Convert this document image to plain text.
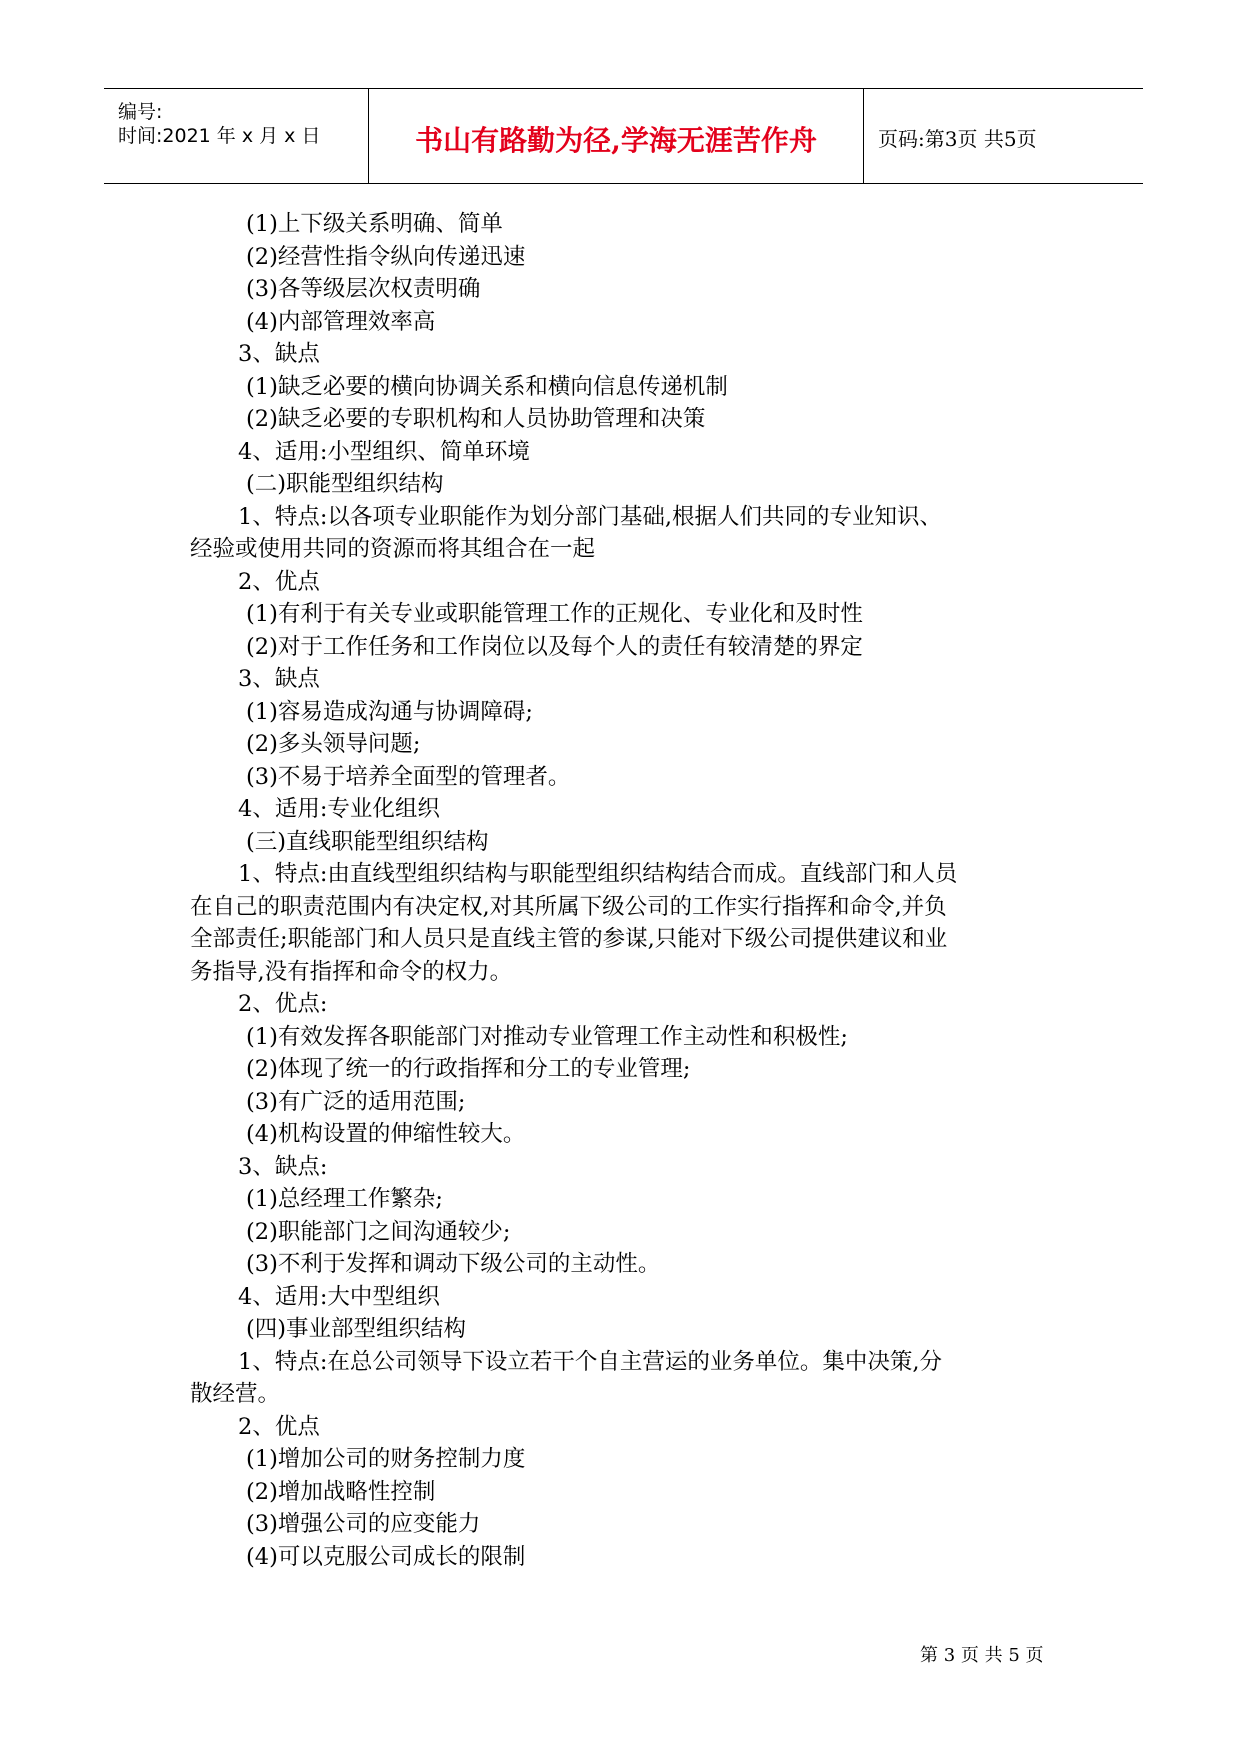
编号:
时间:2021 年 x 月 x 日	书山有路勤为径,学海无涯苦作舟	页码:第3页 共5页
(1)上下级关系明确、简单
(2)经营性指令纵向传递迅速
(3)各等级层次权责明确
(4)内部管理效率高
3、缺点
(1)缺乏必要的横向协调关系和横向信息传递机制
(2)缺乏必要的专职机构和人员协助管理和决策
4、适用:小型组织、简单环境
(二)职能型组织结构
1、特点:以各项专业职能作为划分部门基础,根据人们共同的专业知识、
经验或使用共同的资源而将其组合在一起
2、优点
(1)有利于有关专业或职能管理工作的正规化、专业化和及时性
(2)对于工作任务和工作岗位以及每个人的责任有较清楚的界定
3、缺点
(1)容易造成沟通与协调障碍;
(2)多头领导问题;
(3)不易于培养全面型的管理者。
4、适用:专业化组织
(三)直线职能型组织结构
1、特点:由直线型组织结构与职能型组织结构结合而成。直线部门和人员
在自己的职责范围内有决定权,对其所属下级公司的工作实行指挥和命令,并负
全部责任;职能部门和人员只是直线主管的参谋,只能对下级公司提供建议和业
务指导,没有指挥和命令的权力。
2、优点:
(1)有效发挥各职能部门对推动专业管理工作主动性和积极性;
(2)体现了统一的行政指挥和分工的专业管理;
(3)有广泛的适用范围;
(4)机构设置的伸缩性较大。
3、缺点:
(1)总经理工作繁杂;
(2)职能部门之间沟通较少;
(3)不利于发挥和调动下级公司的主动性。
4、适用:大中型组织
(四)事业部型组织结构
1、特点:在总公司领导下设立若干个自主营运的业务单位。集中决策,分
散经营。
2、优点
(1)增加公司的财务控制力度
(2)增加战略性控制
(3)增强公司的应变能力
(4)可以克服公司成长的限制
第 3 页 共 5 页
